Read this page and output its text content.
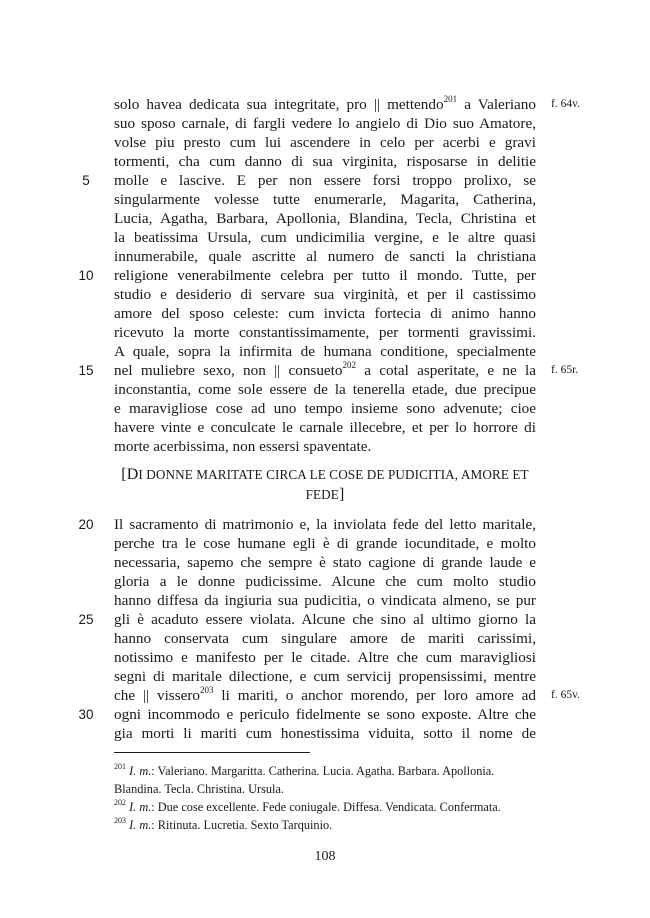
solo havea dedicata sua integritate, pro || mettendo$^{201}$ a Valeriano
suo sposo carnale, di fargli vedere lo angielo di Dio suo Amatore,
volse piu presto cum lui ascendere in celo per acerbi e gravi
tormenti, cha cum danno di sua virginita, risposarse in delitie
molle e lascive. E per non essere forsi troppo prolixo, se
singularmente volesse tutte enumerarle, Magarita, Catherina,
Lucia, Agatha, Barbara, Apollonia, Blandina, Tecla, Christina et
la beatissima Ursula, cum undicimilia vergine, e le altre quasi
innumerabile, quale ascritte al numero de sancti la christiana
religione venerabilmente celebra per tutto il mondo. Tutte, per
studio e desiderio di servare sua virginità, et per il castissimo
amore del sposo celeste: cum invicta fortecia di animo hanno
ricevuto la morte constantissimamente, per tormenti gravissimi.
A quale, sopra la infirmita de humana conditione, specialmente
nel muliebre sexo, non || consueto$^{202}$ a cotal asperitate, e ne la
inconstantia, come sole essere de la tenerella etade, due precipue
e maravigliose cose ad uno tempo insieme sono advenute; cioe
havere vinte e conculcate le carnale illecebre, et per lo horrore di
morte acerbissima, non essersi spaventate.
[DI DONNE MARITATE CIRCA LE COSE DE PUDICITIA, AMORE ET
FEDE]
Il sacramento di matrimonio e, la inviolata fede del letto maritale,
perche tra le cose humane egli è di grande iocunditade, e molto
necessaria, sapemo che sempre è stato cagione di grande laude e
gloria a le donne pudicissime. Alcune che cum molto studio
hanno diffesa da ingiuria sua pudicitia, o vindicata almeno, se pur
gli è acaduto essere violata. Alcune che sino al ultimo giorno la
hanno conservata cum singulare amore de mariti carissimi,
notissimo e manifesto per le citade. Altre che cum maravigliosi
segni di maritale dilectione, e cum servicij propensissimi, mentre
che || vissero$^{203}$ li mariti, o anchor morendo, per loro amore ad
ogni incommodo e periculo fidelmente se sono exposte. Altre che
gia morti li mariti cum honestissima viduita, sotto il nome de
5
10
15
20
25
30
f. 64v.
f. 65r.
f. 65v.
$^{201}$ I. m.: Valeriano. Margaritta. Catherina. Lucia. Agatha. Barbara. Apollonia.
Blandina. Tecla. Christina. Ursula.
$^{202}$ I. m.: Due cose excellente. Fede coniugale. Diffesa. Vendicata. Confermata.
$^{203}$ I. m.: Ritinuta. Lucretia. Sexto Tarquinio.
108
